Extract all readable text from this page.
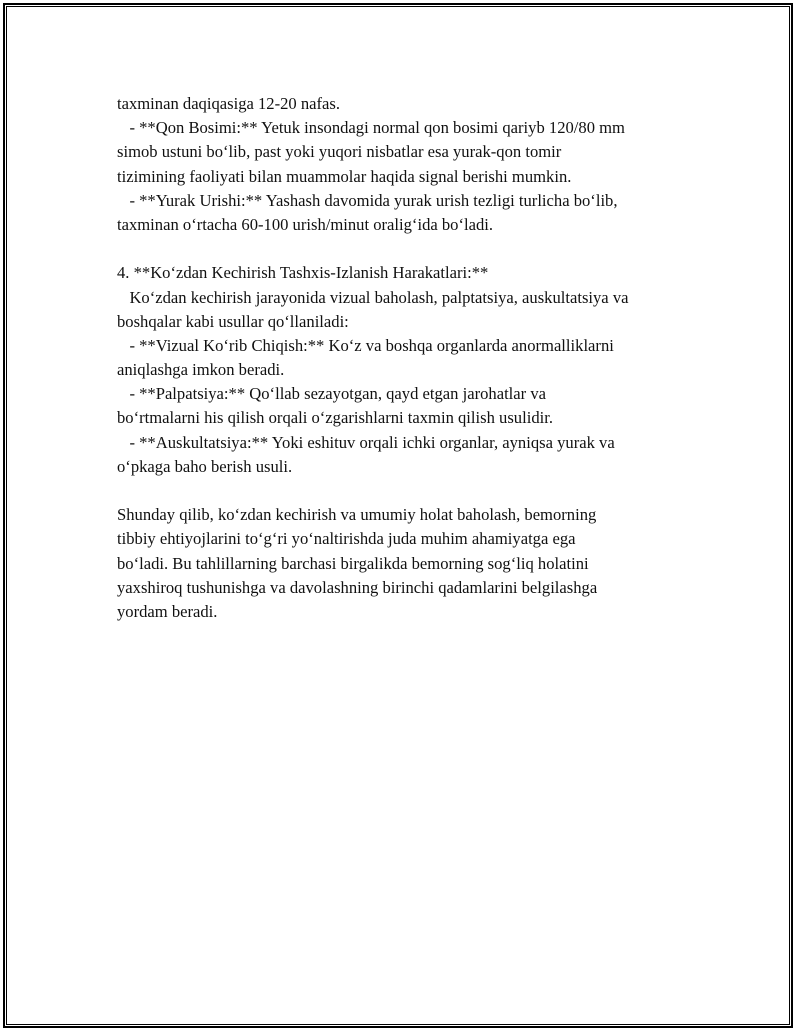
taxminan daqiqasiga 12-20 nafas.
- **Qon Bosimi:** Yetuk insondagi normal qon bosimi qariyb 120/80 mm
simob ustuni bo‘lib, past yoki yuqori nisbatlar esa yurak-qon tomir
tizimining faoliyati bilan muammolar haqida signal berishi mumkin.
- **Yurak Urishi:** Yashash davomida yurak urish tezligi turlicha bo‘lib,
taxminan o‘rtacha 60-100 urish/minut oralig‘ida bo‘ladi.
4. **Ko‘zdan Kechirish Tashxis-Izlanish Harakatlari:**
Ko‘zdan kechirish jarayonida vizual baholash, palptatsiya, auskultatsiya va
boshqalar kabi usullar qo‘llaniladi:
- **Vizual Ko‘rib Chiqish:** Ko‘z va boshqa organlarda anormalliklarni
aniqlashga imkon beradi.
- **Palpatsiya:** Qo‘llab sezayotgan, qayd etgan jarohatlar va
bo‘rtmalarni his qilish orqali o‘zgarishlarni taxmin qilish usulidir.
- **Auskultatsiya:** Yoki eshituv orqali ichki organlar, ayniqsa yurak va
o‘pkaga baho berish usuli.
Shunday qilib, ko‘zdan kechirish va umumiy holat baholash, bemorning
tibbiy ehtiyojlarini to‘g‘ri yo‘naltirishda juda muhim ahamiyatga ega
bo‘ladi. Bu tahlillarning barchasi birgalikda bemorning sog‘liq holatini
yaxshiroq tushunishga va davolashning birinchi qadamlarini belgilashga
yordam beradi.
